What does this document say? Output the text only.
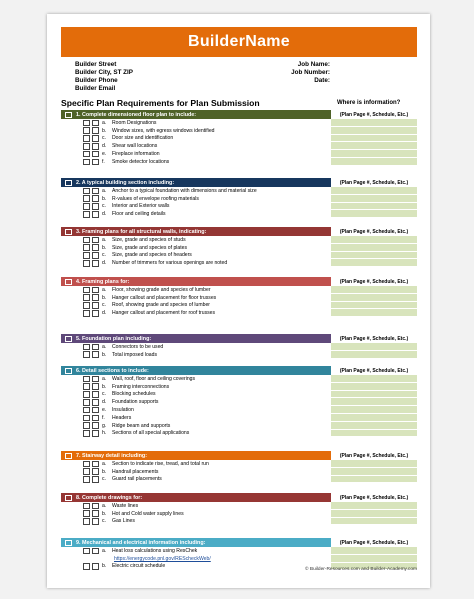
BuilderName
Builder Street
Builder City, ST ZIP
Builder Phone
Builder Email
Job Name:
Job Number:
Date:
Specific Plan Requirements for Plan Submission	Where is information?
1. Complete dimensioned floor plan to include:	(Plan Page #, Schedule, Etc.)
a.	Room Designations
b.	Window sizes, with egress windows identified
c.	Door size and identification
d.	Shear wall locations
e.	Fireplace information
f.	Smoke detector locations
2. A typical building section including:	(Plan Page #, Schedule, Etc.)
a.	Anchor to a typical foundation with dimensions and material size
b.	R-values of envelope roofing materials
c.	Interior and Exterior walls
d.	Floor and ceiling details
3. Framing plans for all structural walls, indicating:	(Plan Page #, Schedule, Etc.)
a.	Size, grade and species of studs
b.	Size, grade and species of plates
c.	Size, grade and species of headers
d.	Number of trimmers for various openings are noted
4. Framing plans for:	(Plan Page #, Schedule, Etc.)
a.	Floor, showing grade and species of lumber
b.	Hanger callout and placement for floor trusses
c.	Roof, showing grade and species of lumber
d.	Hanger callout and placement for roof trusses
5. Foundation plan including:	(Plan Page #, Schedule, Etc.)
a.	Connectors to be used
b.	Total imposed loads
6. Detail sections to include:	(Plan Page #, Schedule, Etc.)
a.	Wall, roof, floor and ceiling coverings
b.	Framing interconnections
c.	Blocking schedules
d.	Foundation supports
e.	Insulation
f.	Headers
g.	Ridge beam and supports
h.	Sections of all special applications
7. Stairway detail including:	(Plan Page #, Schedule, Etc.)
a.	Section to indicate rise, tread, and total run
b.	Handrail placements
c.	Guard rail placements
8. Complete drawings for:	(Plan Page #, Schedule, Etc.)
a.	Waste lines
b.	Hot and Cold water supply lines
c.	Gas Lines
9. Mechanical and electrical information including:	(Plan Page #, Schedule, Etc.)
a.	Heat loss calculations using ResChek
https://energycode.pnl.gov/REScheckWeb/
b.	Electric circuit schedule
© Builder-Resources.com and Builder-Academy.com
